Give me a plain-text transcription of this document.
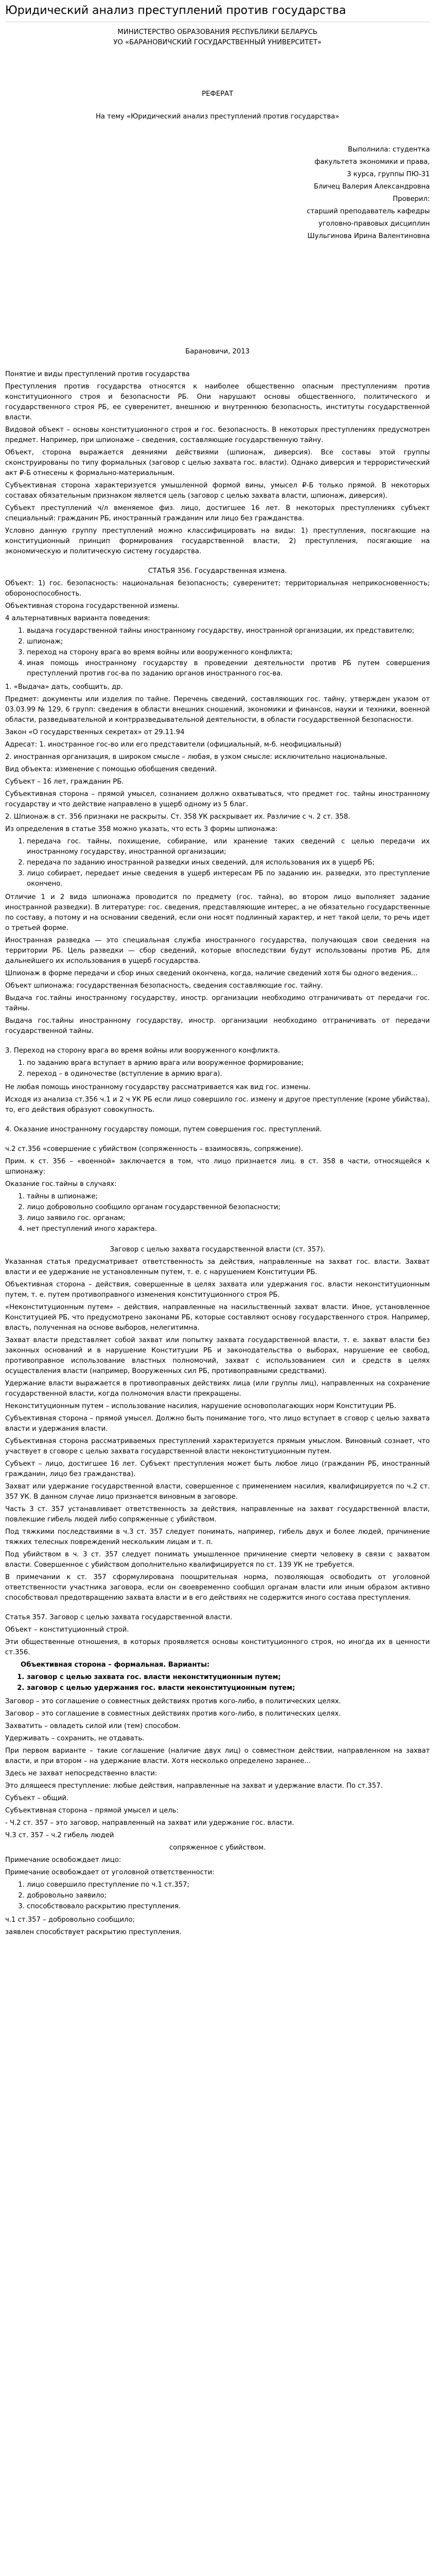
Юридический анализ преступлений против государства

МИНИСТЕРСТВО ОБРАЗОВАНИЯ РЕСПУБЛИКИ БЕЛАРУСЬ

УО «БАРАНОВИЧСКИЙ ГОСУДАРСТВЕННЫЙ УНИВЕРСИТЕТ»

РЕФЕРАТ

На тему «Юридический анализ преступлений против государства»

Выполнила: студентка

факультета экономики и права,

3 курса, группы ПЮ-31

Бличец Валерия Александровна

Проверил:

старший преподаватель кафедры

уголовно-правовых дисциплин

Шульгинова Ирина Валентиновна

Барановичи, 2013

Понятие и виды преступлений против государства

Преступления против государства относятся к наиболее общественно опасным преступлениям против конституционного строя и безопасности РБ. Они нарушают основы общественного, политического и государственного строя РБ, ее суверенитет, внешнюю и внутреннюю безопасность, институты государственной власти.

Видовой объект – основы конституционного строя и гос. безопасность. В некоторых преступлениях предусмотрен предмет. Например, при шпионаже – сведения, составляющие государственную тайну.

Объект, сторона выражается деяниями действиями (шпионаж, диверсия). Все составы этой группы сконструированы по типу формальных (заговор с целью захвата гос. власти). Однако диверсия и террористический акт ₽-Б отнесены к формально-материальным.

Субъективная сторона характеризуется умышленной формой вины, умысел ₽-Б только прямой. В некоторых составах обязательным признаком является цель (заговор с целью захвата власти, шпионаж, диверсия).

Субъект преступлений ч/л вменяемое физ. лицо, достигшее 16 лет. В некоторых преступлениях субъект специальный: гражданин РБ, иностранный гражданин или лицо без гражданства.

Условно данную группу преступлений можно классифицировать на виды: 1) преступления, посягающие на конституционный принцип формирования государственной власти, 2) преступления, посягающие на экономическую и политическую систему государства.

СТАТЬЯ 356. Государственная измена.

Объект: 1) гос. безопасность: национальная безопасность; суверенитет; территориальная неприкосновенность; обороноспособность.

Объективная сторона государственной измены.

4 альтернативных варианта поведения:

1. выдача государственной тайны иностранному государству, иностранной организации, их представителю;
2. шпионаж;
3. переход на сторону врага во время войны или вооруженного конфликта;
4. иная помощь иностранному государству в проведении деятельности против РБ путем совершения преступлений против гос-ва по заданию органов иностранного гос-ва.

1. «Выдача» дать, сообщить, др.

Предмет: документы или изделия по тайне. Перечень сведений, составляющих гос. тайну, утвержден указом от 03.03.99 № 129, 6 групп: сведения в области внешних сношений, экономики и финансов, науки и техники, военной области, разведывательной и контрразведывательной деятельности, в области государственной безопасности.

Закон «О государственных секретах» от 29.11.94

Адресат: 1. иностранное гос-во или его представители (официальный, м-б. неофициальный)

2. иностранная организация, в широком смысле – любая, в узком смысле: исключительно национальные.

Вид объекта: изменение с помощью обобщения сведений.

Субъект – 16 лет, гражданин РБ.

Субъективная сторона – прямой умысел, сознанием должно охватываться, что предмет гос. тайны иностранному государству и что действие направлено в ущерб одному из 5 благ.

2. Шпионаж в ст. 356 признаки не раскрыты. Ст. 358 УК раскрывает их. Различие с ч. 2 ст. 358.

Из определения в статье 358 можно указать, что есть 3 формы шпионажа:

1. передача гос. тайны, похищение, собирание, или хранение таких сведений с целью передачи их иностранному государству, иностранной организации;
2. передача по заданию иностранной разведки иных сведений, для использования их в ущерб РБ;
3. лицо собирает, передает иные сведения в ущерб интересам РБ по заданию ин. разведки, это преступление окончено.

Отличие 1 и 2 вида шпионажа проводится по предмету (гос. тайна), во втором лицо выполняет задание иностранной разведки). В литературе: гос. сведения, представляющие интерес, а не обязательно государственные по составу, а потому и на основании сведений, если они носят подлинный характер, и нет такой цели, то речь идет о третьей форме.

Иностранная разведка — это специальная служба иностранного государства, получающая свои сведения на территории РБ. Цель разведки — сбор сведений, которые впоследствии будут использованы против РБ, для дальнейшего их использования в ущерб государства.

Шпионаж в форме передачи и сбор иных сведений окончена, когда, наличие сведений хотя бы одного ведения...

Объект шпионажа: государственная безопасность, сведения составляющие гос. тайну.

Выдача гос.тайны иностранному государству, иностр. организации необходимо отграничивать от передачи гос. тайны.

Выдача гос.тайны иностранному государству, иностр. организации необходимо отграничивать от передачи государственной тайны.

3. Переход на сторону врага во время войны или вооруженного конфликта.

1. по заданию врага вступает в армию врага или вооруженное формирование;
2. переход – в одиночестве (вступление в армию врага).

Не любая помощь иностранному государству рассматривается как вид гос. измены.

Исходя из анализа ст.356 ч.1 и 2 ч УК РБ если лицо совершило гос. измену и другое преступление (кроме убийства), то, его действия образуют совокупность.

4. Оказание иностранному государству помощи, путем совершения гос. преступлений.

ч.2 ст.356 «совершение с убийством (сопряженность – взаимосвязь, сопряжение).

Прим. к ст. 356 – «военной» заключается в том, что лицо признается лиц. в ст. 358 в части, относящейся к шпионажу:

Оказание гос.тайны в случаях:

1. тайны в шпионаже;
2. лицо добровольно сообщило органам государственной безопасности;
3. лицо заявило гос. органам;
4. нет преступлений иного характера.

Заговор с целью захвата государственной власти (ст. 357).

Указанная статья предусматривает ответственность за действия, направленные на захват гос. власти. Захват власти и ее удержание не установленным путем, т. е. с нарушением Конституции РБ.

Объективная сторона – действия, совершенные в целях захвата или удержания гос. власти неконституционным путем, т. е. путем противоправного изменения конституционного строя РБ.

«Неконституционным путем» – действия, направленные на насильственный захват власти. Иное, установленное Конституцией РБ, что предусмотрено законами РБ, которые составляют основу государственного строя. Например, власть, полученная на основе выборов, нелегитимна.

Захват власти представляет собой захват или попытку захвата государственной власти, т. е. захват власти без законных оснований и в нарушение Конституции РБ и законодательства о выборах, нарушение ее свобод, противоправное использование властных полномочий, захват с использованием сил и средств в целях осуществления власти (например, Вооруженных сил РБ, противоправными средствами).

Удержание власти выражается в противоправных действиях лица (или группы лиц), направленных на сохранение государственной власти, когда полномочия власти прекращены.

Неконституционным путем – использование насилия, нарушение основополагающих норм Конституции РБ.

Субъективная сторона – прямой умысел. Должно быть понимание того, что лицо вступает в сговор с целью захвата власти и удержания власти.

Субъективная сторона рассматриваемых преступлений характеризуется прямым умыслом. Виновный сознает, что участвует в сговоре с целью захвата государственной власти неконституционным путем.

Субъект – лицо, достигшее 16 лет. Субъект преступления может быть любое лицо (гражданин РБ, иностранный гражданин, лицо без гражданства).

Захват или удержание государственной власти, совершенное с применением насилия, квалифицируется по ч.2 ст. 357 УК. В данном случае лицо признается виновным в заговоре.

Часть 3 ст. 357 устанавливает ответственность за действия, направленные на захват государственной власти, повлекшие гибель людей либо сопряженные с убийством.

Под тяжкими последствиями в ч.3 ст. 357 следует понимать, например, гибель двух и более людей, причинение тяжких телесных повреждений нескольким лицам и т. п.

Под убийством в ч. 3 ст. 357 следует понимать умышленное причинение смерти человеку в связи с захватом власти. Совершенное с убийством дополнительно квалифицируется по ст. 139 УК не требуется.

В примечании к ст. 357 сформулирована поощрительная норма, позволяющая освободить от уголовной ответственности участника заговора, если он своевременно сообщил органам власти или иным образом активно способствовал предотвращению захвата власти и в его действиях не содержится иного состава преступления.

Статья 357. Заговор с целью захвата государственной власти.

Объект – конституционный строй.

Эти общественные отношения, в которых проявляется основы конституционного строя, но иногда их в ценности ст.356.

Объективная сторона – формальная. Варианты:

1. заговор с целью захвата гос. власти неконституционным путем;
2. заговор с целью удержания гос. власти неконституционным путем;

Заговор – это соглашение о совместных действиях против кого-либо, в политических целях.

Заговор – это соглашение в совместных действиях против кого-либо, в политических целях.

Захватить – овладеть силой или (тем) способом.

Удерживать – сохранить, не отдавать.

При первом варианте – такие соглашение (наличие двух лиц) о совместном действии, направленном на захват власти, и при втором – на удержание власти. Хотя несколько определено заранее...

Здесь не захват непосредственно власти:

Это длящееся преступление: любые действия, направленные на захват и удержание власти. По ст.357.

Субъект – общий.

Субъективная сторона – прямой умысел и цель:

- Ч.2 ст. 357 – это заговор, направленный на захват или удержание гос. власти.

Ч.3 ст. 357 – ч.2 гибель людей

сопряженное с убийством.

Примечание освобождает лицо:

Примечание освобождает от уголовной ответственности:

1. лицо совершило преступление по ч.1 ст.357;
2. добровольно заявило;
3. способствовало раскрытию преступления.

ч.1 ст.357 – добровольно сообщило;

заявлен способствует раскрытию преступления.
